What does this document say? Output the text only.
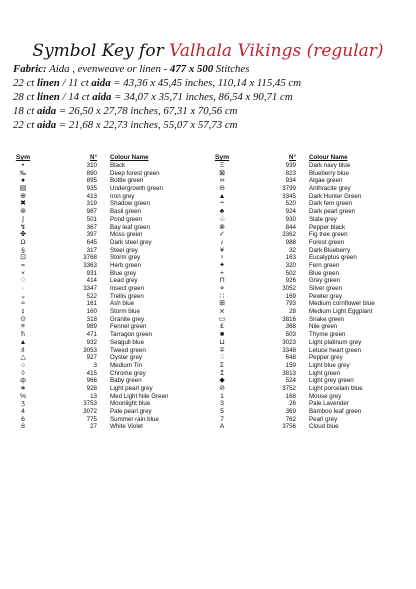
Symbol Key for Valhala Vikings (regular)
Fabric: Aida , evenweave or linen - 477 x 500 Stitches
22 ct linen / 11 ct aida = 43,36 x 45,45 inches, 110,14 x 115,45 cm
28 ct linen / 14 ct aida = 34,07 x 35,71 inches, 86,54 x 90,71 cm
18 ct aida = 26,50 x 27,78 inches, 67,31 x 70,56 cm
22 ct aida = 21,68 x 22,73 inches, 55,07 x 57,73 cm
Sym	N° Colour Name
•	310 Black
‰	890 Deep forest green
●	895 Bottle green
▤	935 Undergrowth green
⊕	413 Iron grey
✖	319 Shadow green
⊛	987 Basil green
ʃ	501 Pond green
↯	367 Bay leaf green
✤	397 Moss green
Ω	645 Dark steel grey
§	317 Steel grey
⊡	3768 Storm grey
=	3363 Herb green
×	931 Blue grey
♢	414 Lead grey
∙	3347 Insect green
⌄	522 Trellis green
≈	161 Ash blue
ɪ	160 Storm blue
⊙	318 Granite grey
≡	989 Fennel green
ħ	471 Tarragon green
▲	932 Seagull blue
♯	3053 Tweed green
△	927 Oyster grey
○	3 Medium Tin
◊	415 Chrome grey
ф	966 Baby green
∗	928 Light pearl grey
%	13 Med Light Nile Green
ʒ	3753 Moonlight blue
4	3072 Pale pearl grey
6	775 Summer rain blue
8	27 White Violet
Sym	N° Colour Name
Ξ	939 Dark navy blue
⊠	823 Blueberry blue
∞	934 Algae green
⊖	3799 Anthracite grey
▲	3345 Dark Hunter Green
∸	520 Dark fern green
♣	924 Dark pearl green
♧	930 Slate grey
⊗	844 Pepper black
✓	3362 Fig tree green
♪	988 Forest green
¥	32 Dark Blueberry
♀	163 Eucalyptus green
✦	320 Fern green
+	502 Blue green
⊓	926 Grey green
⋄	3052 Silver green
∷	169 Pewter grey
⊞	793 Medium cornflower blue
⨯	28 Medium Light Eggplant
▭	3816 Snake green
£	368 Nile green
■	503 Thyme green
⊔	3023 Light platinum grey
∓	3348 Letuce heart green
♢	648 Pepper grey
Σ	159 Light blue grey
↥	3813 Light green
◆	524 Light grey green
⊘	3752 Light porcelain blue
1	168 Mouse grey
3	26 Pale Lavender
5	369 Bamboo leaf green
7	762 Pearl grey
A	3756 Cloud blue
